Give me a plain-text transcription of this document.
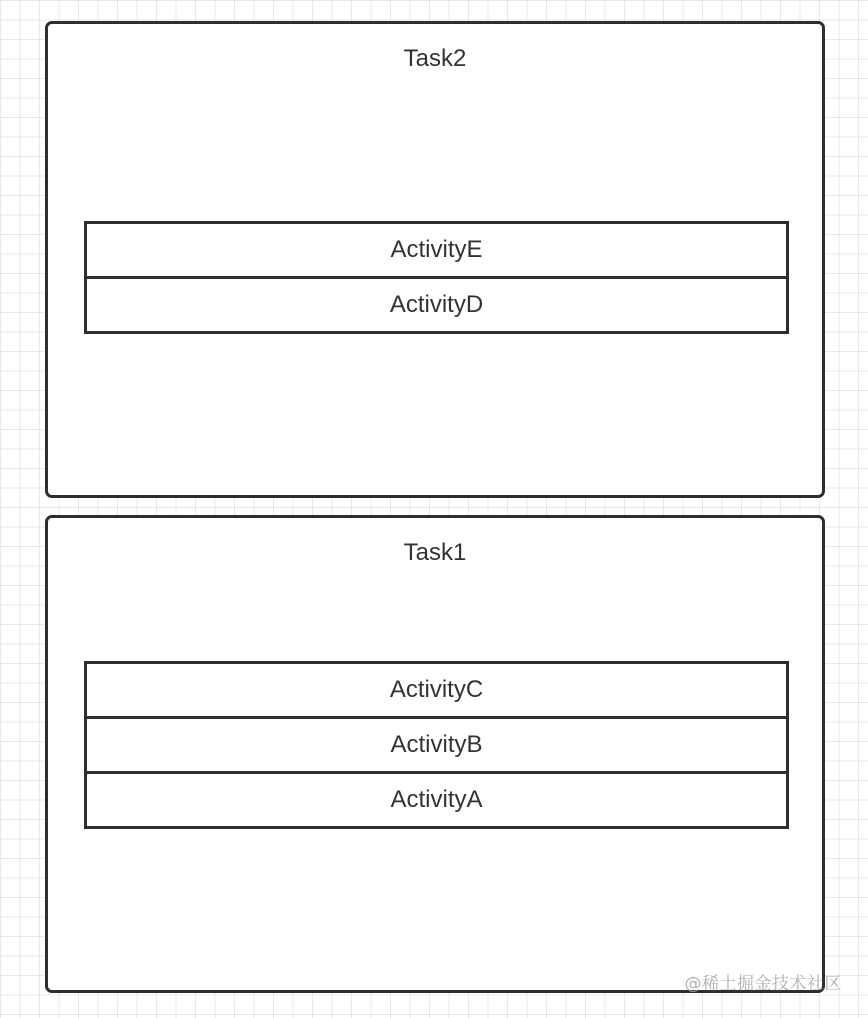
Task2
ActivityE
ActivityD
Task1
ActivityC
ActivityB
ActivityA
@稀土掘金技术社区
